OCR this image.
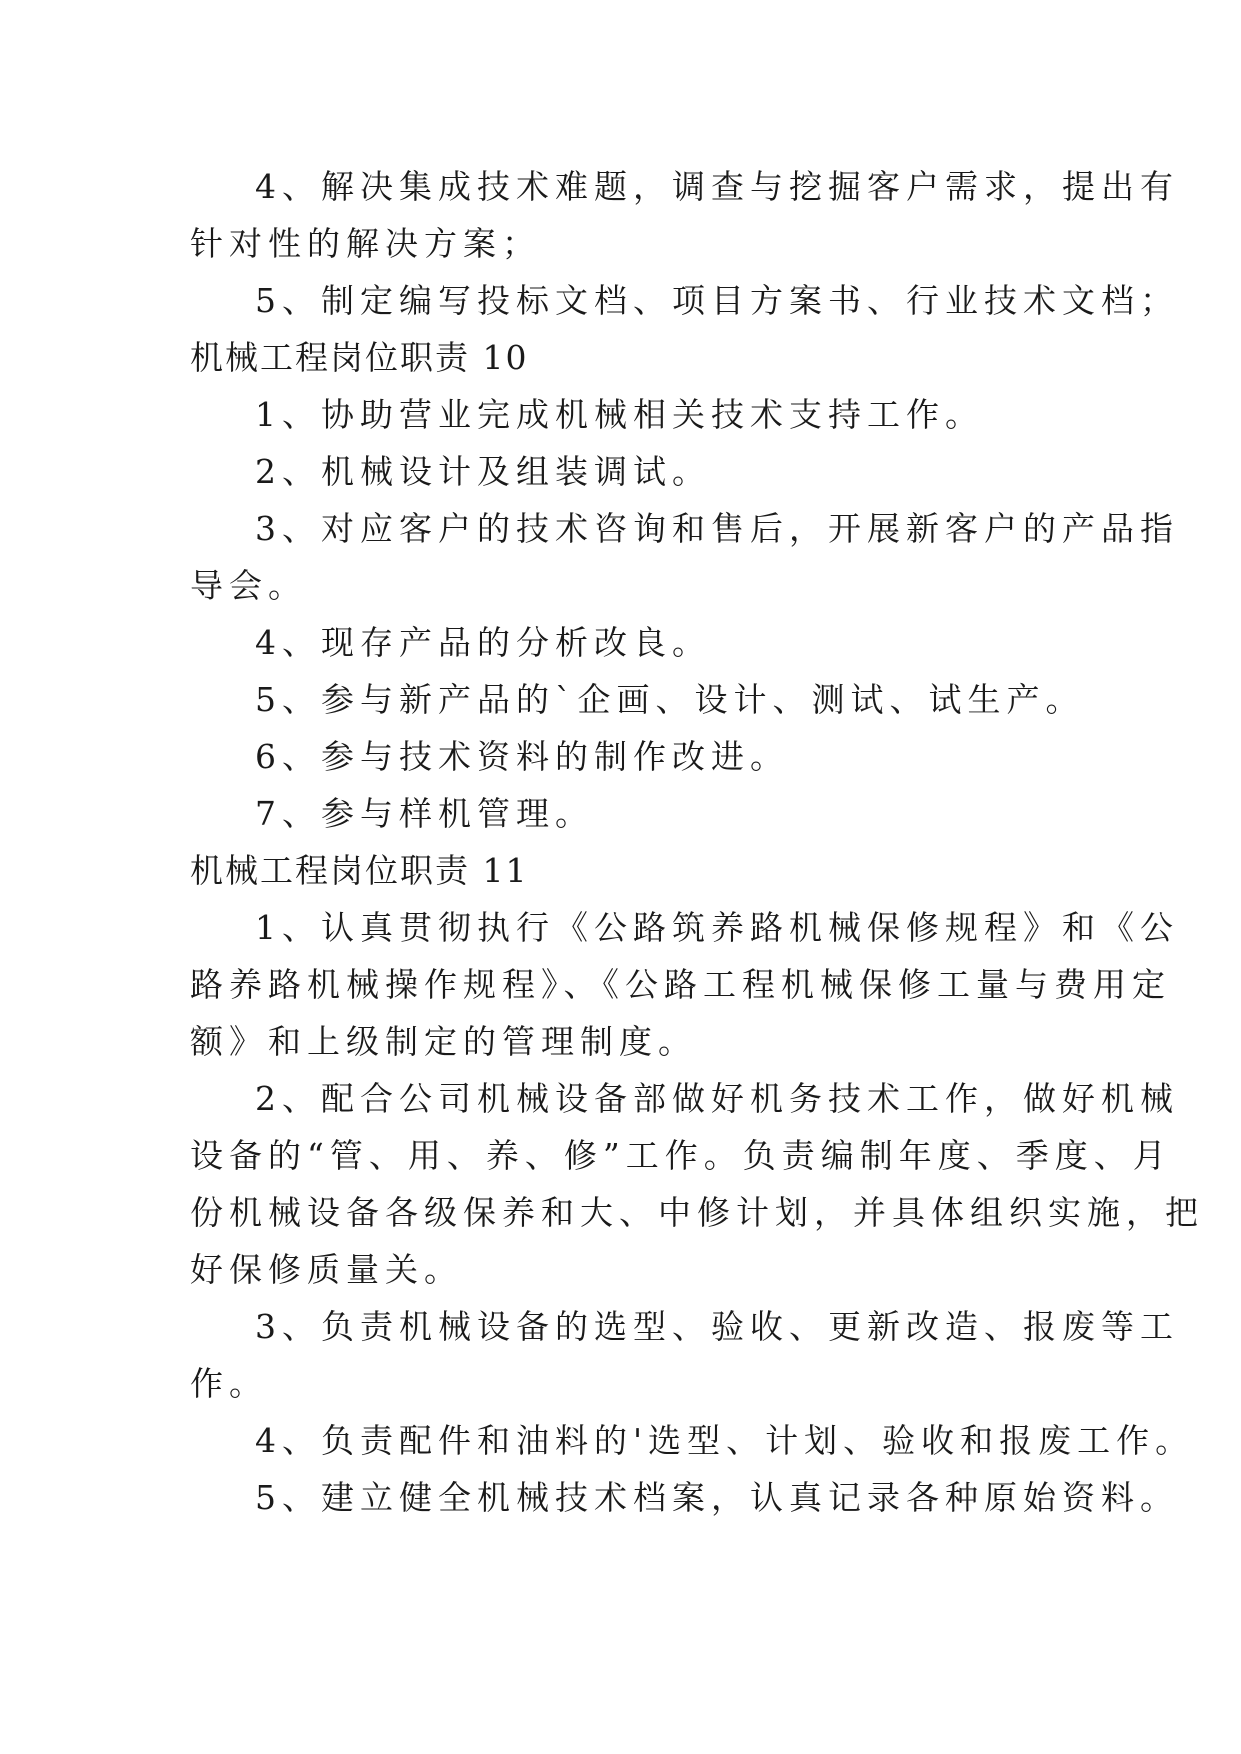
4、解决集成技术难题，调查与挖掘客户需求，提出有
针对性的解决方案；
5、制定编写投标文档、项目方案书、行业技术文档；
机械工程岗位职责 10
1、协助营业完成机械相关技术支持工作。
2、机械设计及组装调试。
3、对应客户的技术咨询和售后，开展新客户的产品指
导会。
4、现存产品的分析改良。
5、参与新产品的`企画、设计、测试、试生产。
6、参与技术资料的制作改进。
7、参与样机管理。
机械工程岗位职责 11
1、认真贯彻执行《公路筑养路机械保修规程》和《公
路养路机械操作规程》、《公路工程机械保修工量与费用定
额》和上级制定的管理制度。
2、配合公司机械设备部做好机务技术工作，做好机械
设备的“管、用、养、修”工作。负责编制年度、季度、月
份机械设备各级保养和大、中修计划，并具体组织实施，把
好保修质量关。
3、负责机械设备的选型、验收、更新改造、报废等工
作。
4、负责配件和油料的'选型、计划、验收和报废工作。
5、建立健全机械技术档案，认真记录各种原始资料。
